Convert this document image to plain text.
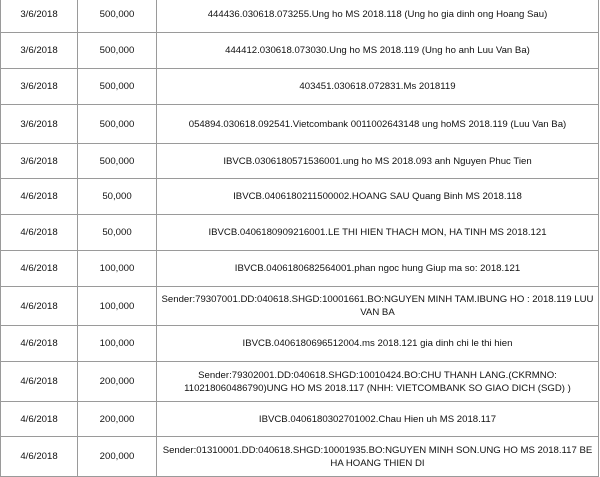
3/6/2018	500,000	444436.030618.073255.Ung ho MS 2018.118 (Ung ho gia dinh ong Hoang Sau)
3/6/2018	500,000	444412.030618.073030.Ung ho MS 2018.119 (Ung ho anh Luu Van Ba)
3/6/2018	500,000	403451.030618.072831.Ms 2018119
3/6/2018	500,000	054894.030618.092541.Vietcombank 0011002643148 ung hoMS 2018.119 (Luu Van Ba)
3/6/2018	500,000	IBVCB.0306180571536001.ung ho MS 2018.093 anh Nguyen Phuc Tien
4/6/2018	50,000	IBVCB.0406180211500002.HOANG SAU Quang Binh MS 2018.118
4/6/2018	50,000	IBVCB.0406180909216001.LE THI HIEN THACH MON, HA TINH MS 2018.121
4/6/2018	100,000	IBVCB.0406180682564001.phan ngoc hung Giup ma so: 2018.121
4/6/2018	100,000	Sender:79307001.DD:040618.SHGD:10001661.BO:NGUYEN MINH TAM.IBUNG HO : 2018.119 LUU VAN BA
4/6/2018	100,000	IBVCB.0406180696512004.ms 2018.121 gia dinh chi le thi hien
4/6/2018	200,000	Sender:79302001.DD:040618.SHGD:10010424.BO:CHU THANH LANG.(CKRMNO: 110218060486790)UNG HO MS 2018.117 (NHH: VIETCOMBANK SO GIAO DICH (SGD) )
4/6/2018	200,000	IBVCB.0406180302701002.Chau Hien uh MS 2018.117
4/6/2018	200,000	Sender:01310001.DD:040618.SHGD:10001935.BO:NGUYEN MINH SON.UNG HO MS 2018.117 BE HA HOANG THIEN DI
